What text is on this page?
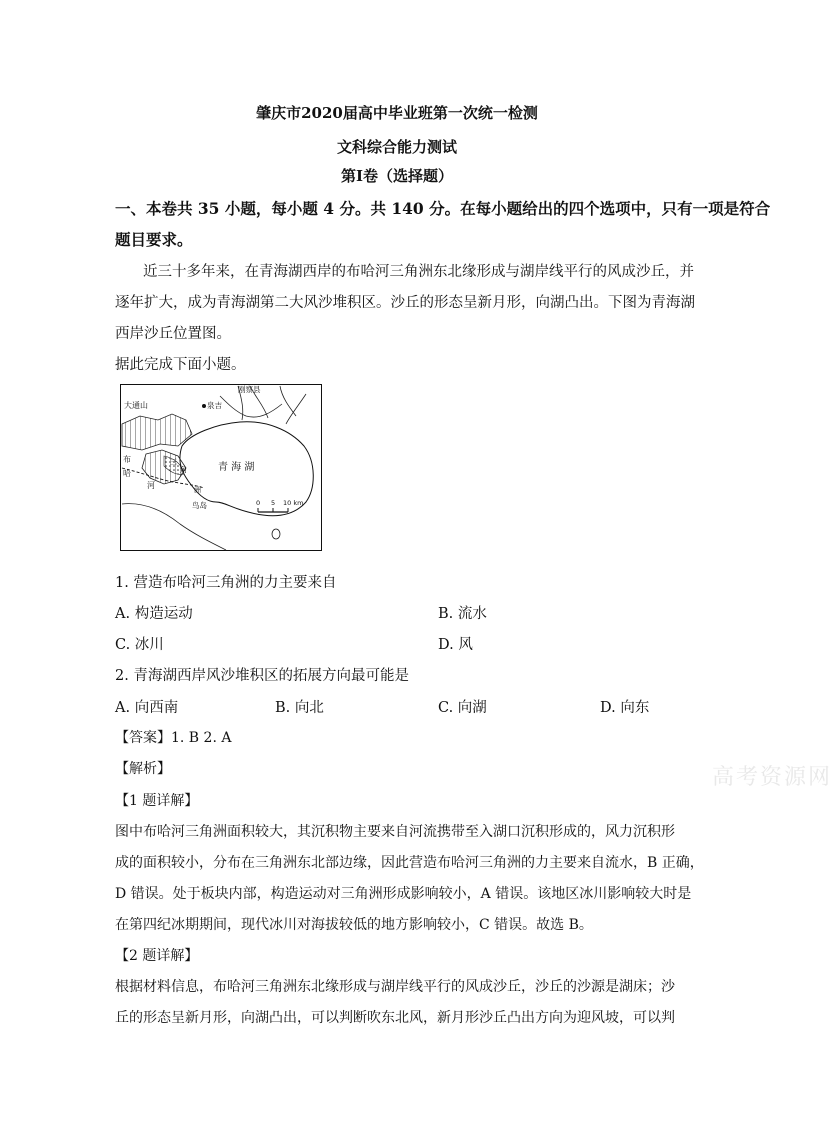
肇庆市2020届高中毕业班第一次统一检测
文科综合能力测试
第Ⅰ卷（选择题）
一、本卷共 35 小题，每小题 4 分。共 140 分。在每小题给出的四个选项中，只有一项是符合
题目要求。
近三十多年来，在青海湖西岸的布哈河三角洲东北缘形成与湖岸线平行的风成沙丘，并
逐年扩大，成为青海湖第二大风沙堆积区。沙丘的形态呈新月形，向湖凸出。下图为青海湖
西岸沙丘位置图。
据此完成下面小题。
0 5 10 km
青 海 湖
大通山	泉吉
刚察县
布
哈
河
三
角
洲
鸟岛
1. 营造布哈河三角洲的力主要来自
A. 构造运动	B. 流水
C. 冰川	D. 风
2. 青海湖西岸风沙堆积区的拓展方向最可能是
A. 向西南	B. 向北	C. 向湖	D. 向东
【答案】1. B 2. A
【解析】
【1 题详解】
图中布哈河三角洲面积较大，其沉积物主要来自河流携带至入湖口沉积形成的，风力沉积形
成的面积较小，分布在三角洲东北部边缘，因此营造布哈河三角洲的力主要来自流水，B 正确，
D 错误。处于板块内部，构造运动对三角洲形成影响较小，A 错误。该地区冰川影响较大时是
在第四纪冰期期间，现代冰川对海拔较低的地方影响较小，C 错误。故选 B。
【2 题详解】
根据材料信息，布哈河三角洲东北缘形成与湖岸线平行的风成沙丘，沙丘的沙源是湖床；沙
丘的形态呈新月形，向湖凸出，可以判断吹东北风，新月形沙丘凸出方向为迎风坡，可以判
高考资源网
